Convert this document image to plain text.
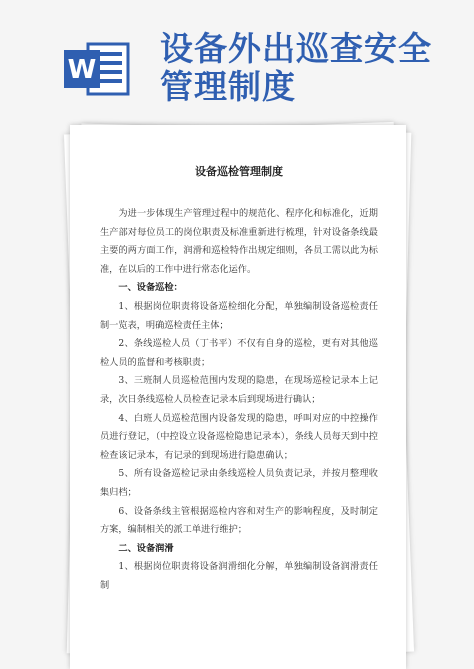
W
设备外出巡查安全管理制度
设备巡检管理制度

为进一步体现生产管理过程中的规范化、程序化和标准化，近期生产部对每位员工的岗位职责及标准重新进行梳理，针对设备条线最主要的两方面工作，润滑和巡检特作出规定细则，各员工需以此为标准，在以后的工作中进行常态化运作。

一、设备巡检：

1、根据岗位职责将设备巡检细化分配，单独编制设备巡检责任制一览表，明确巡检责任主体；

2、条线巡检人员（丁书平）不仅有自身的巡检，更有对其他巡检人员的监督和考核职责；

3、三班制人员巡检范围内发现的隐患，在现场巡检记录本上记录，次日条线巡检人员检查记录本后到现场进行确认；

4、白班人员巡检范围内设备发现的隐患，呼叫对应的中控操作员进行登记，（中控设立设备巡检隐患记录本），条线人员每天到中控检查该记录本，有记录的到现场进行隐患确认；

5、所有设备巡检记录由条线巡检人员负责记录，并按月整理收集归档；

6、设备条线主管根据巡检内容和对生产的影响程度，及时制定方案，编制相关的派工单进行维护；

二、设备润滑

1、根据岗位职责将设备润滑细化分解，单独编制设备润滑责任制
